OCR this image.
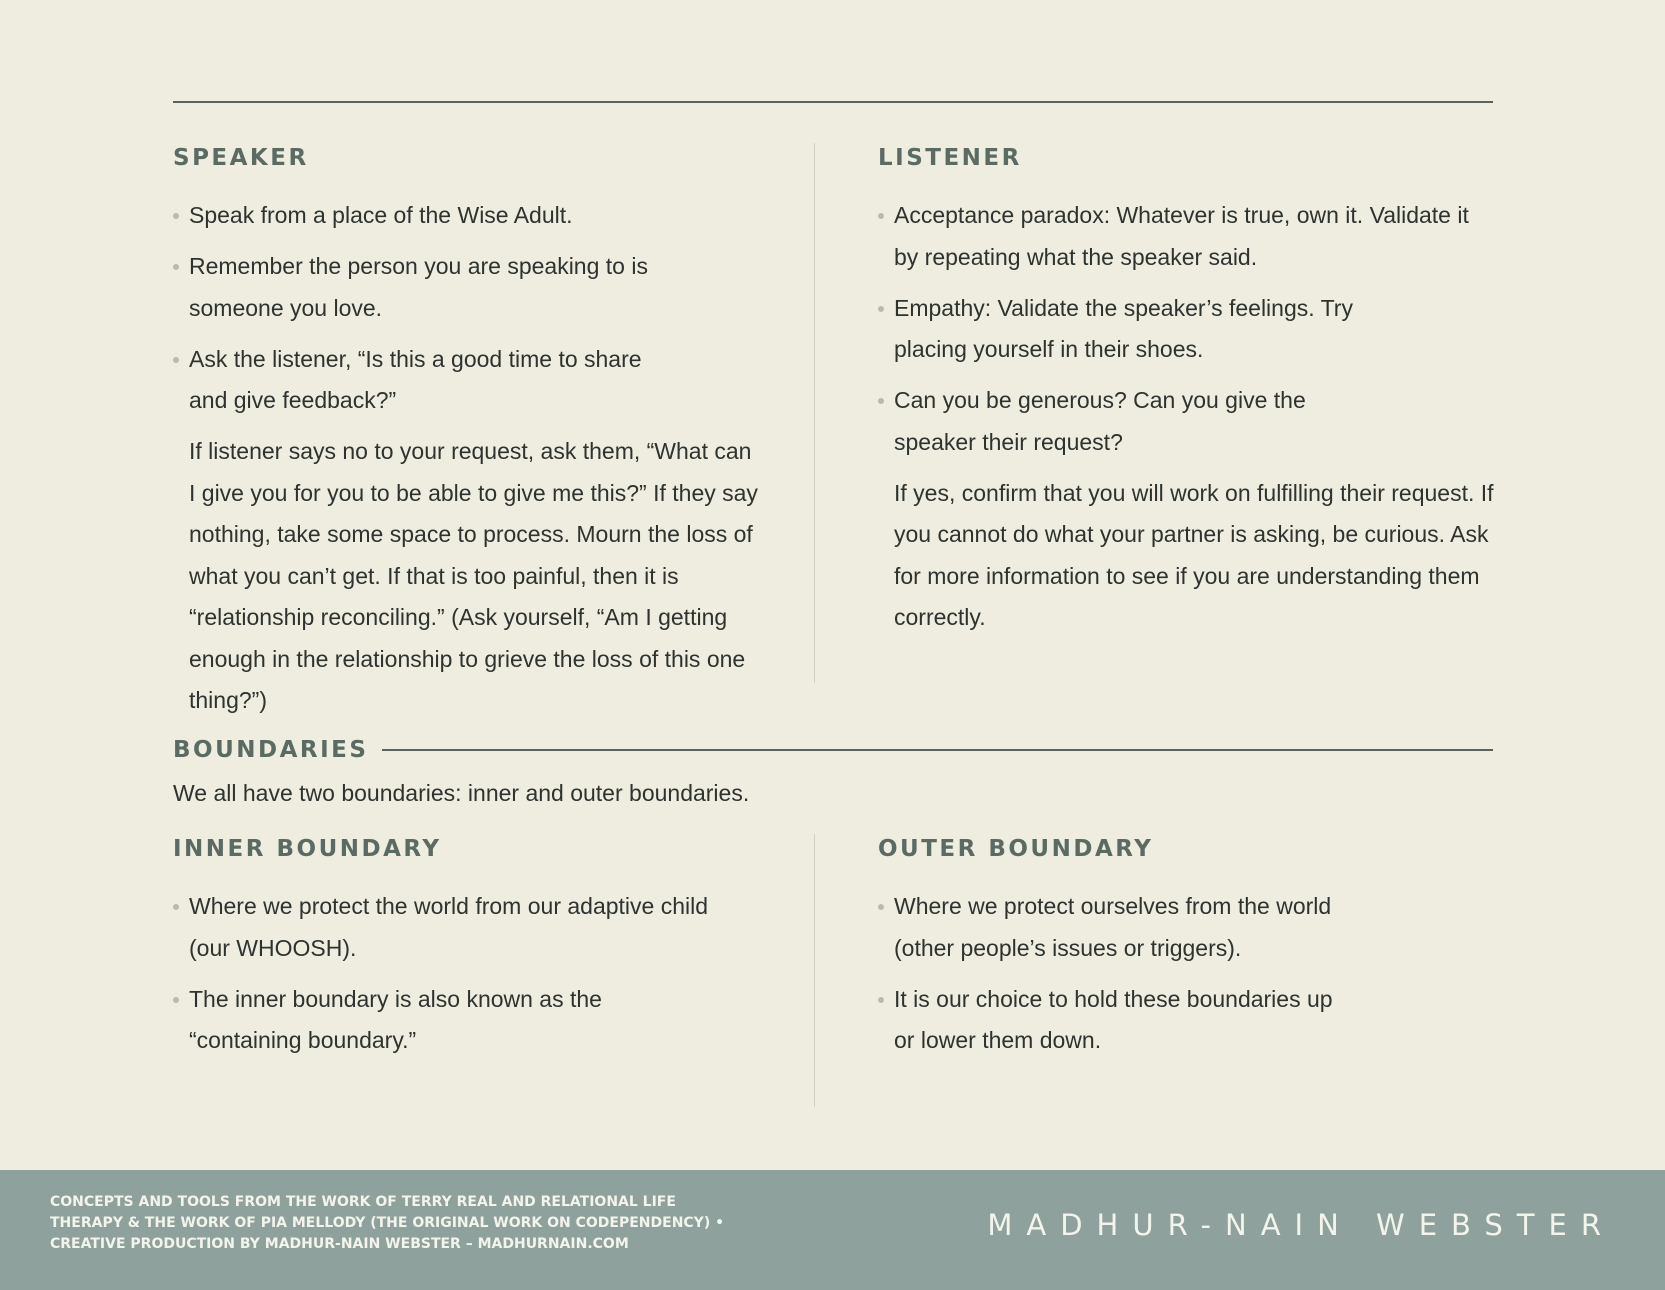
SPEAKER
Speak from a place of the Wise Adult.
Remember the person you are speaking to is someone you love.
Ask the listener, “Is this a good time to share and give feedback?”

If listener says no to your request, ask them, “What can I give you for you to be able to give me this?” If they say nothing, take some space to process. Mourn the loss of what you can’t get. If that is too painful, then it is “relationship reconciling.” (Ask yourself, “Am I getting enough in the relationship to grieve the loss of this one thing?”)

LISTENER
Acceptance paradox: Whatever is true, own it. Validate it by repeating what the speaker said.
Empathy: Validate the speaker’s feelings. Try placing yourself in their shoes.
Can you be generous? Can you give the speaker their request?

If yes, confirm that you will work on fulfilling their request. If you cannot do what your partner is asking, be curious. Ask for more information to see if you are understanding them correctly.

BOUNDARIES

We all have two boundaries: inner and outer boundaries.

INNER BOUNDARY
Where we protect the world from our adaptive child (our WHOOSH).
The inner boundary is also known as the “containing boundary.”
OUTER BOUNDARY
Where we protect ourselves from the world (other people’s issues or triggers).
It is our choice to hold these boundaries up or lower them down.

CONCEPTS AND TOOLS FROM THE WORK OF TERRY REAL AND RELATIONAL LIFE THERAPY & THE WORK OF PIA MELLODY (THE ORIGINAL WORK ON CODEPENDENCY) • CREATIVE PRODUCTION BY MADHUR-NAIN WEBSTER – MADHURNAIN.COM

MADHUR-NAIN WEBSTER
